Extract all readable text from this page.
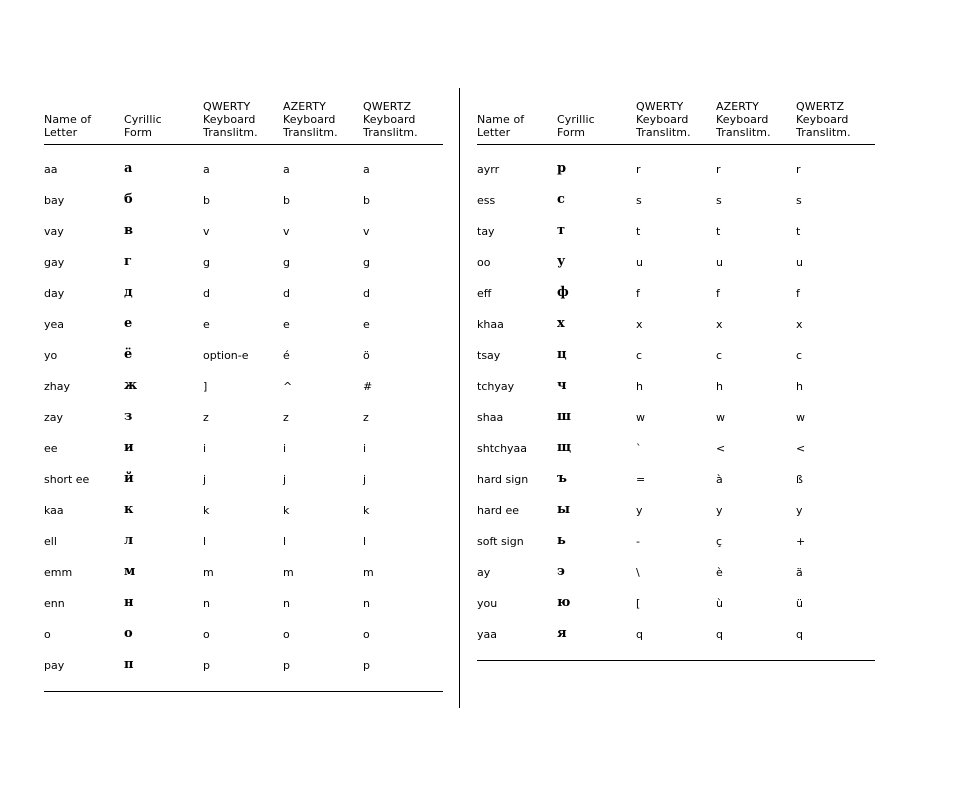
Name of
Letter
Cyrillic
Form
QWERTY
Keyboard
Translitm.
AZERTY
Keyboard
Translitm.
QWERTZ
Keyboard
Translitm.
aa	а	a	a	a
bay	б	b	b	b
vay	в	v	v	v
gay	г	g	g	g
day	д	d	d	d
yea	е	e	e	e
yo	ё	option-e	é	ö
zhay	ж	]	^	#
zay	з	z	z	z
ee	и	i	i	i
short ee	й	j	j	j
kaa	к	k	k	k
ell	л	l	l	l
emm	м	m	m	m
enn	н	n	n	n
o	о	o	o	o
pay	п	p	p	p
Name of
Letter
Cyrillic
Form
QWERTY
Keyboard
Translitm.
AZERTY
Keyboard
Translitm.
QWERTZ
Keyboard
Translitm.
ayrr	р	r	r	r
ess	с	s	s	s
tay	т	t	t	t
oo	у	u	u	u
eff	ф	f	f	f
khaa	х	x	x	x
tsay	ц	c	c	c
tchyay	ч	h	h	h
shaa	ш	w	w	w
shtchyaa щ	`	<	<
hard sign ъ	=	à	ß
hard ee	ы	y	y	y
soft sign	ь	-	ç	+
ay	э	\	è	ä
you	ю	[	ù	ü
yaa	я	q	q	q
